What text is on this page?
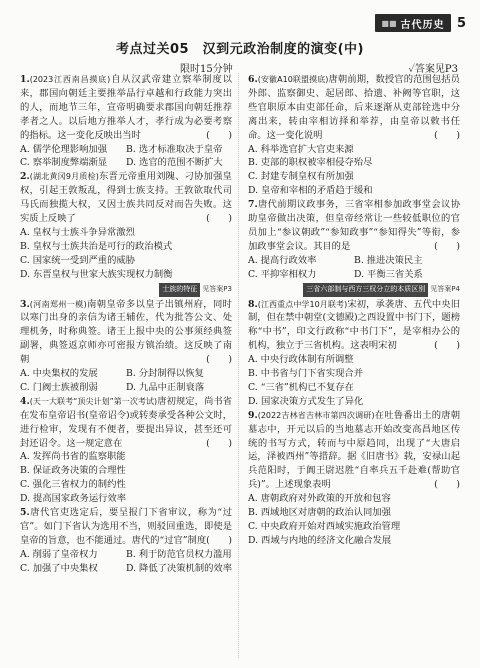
■■ 古代历史 5
考点过关05　汉到元政治制度的演变(中)
限时15分钟	✓答案见P3

1.(2023江西南昌摸底)自从汉武帝建立察举制度以来，郡国向朝廷主要推举品行卓越和行政能力突出的人，而地节三年，宣帝明确要求郡国向朝廷推荐孝者之人。以后地方推举人才，孝行成为必要考察的指标。这一变化反映出当时	(　　)

A. 儒学伦理影响加强	B. 选才标准取决于皇帝
C. 察举制度弊端渐显	D. 选官的范围不断扩大

2.(湖北黄冈9月质检)东晋元帝重用刘隗、刁协加强皇权，引起王敦叛乱，得到士族支持。王敦欲取代司马氏而独揽大权，又因士族共同反对而告失败。这实质上反映了	(　　)

A. 皇权与士族斗争异常激烈
B. 皇权与士族共治是可行的政治模式
C. 国家统一受到严重的威胁
D. 东晋皇权与世家大族实现权力制衡
士族的特征 见答案P3

3.(河南郑州一模)南朝皇帝多以皇子出镇州府，同时以寒门出身的亲信为诸王辅佐，代为批答公文、处理机务，时称典签。诸王上报中央的公事须经典签副署，典签返京师亦可密报方镇治绩。这反映了南朝	(　　)

A. 中央集权的发展	B. 分封制得以恢复
C. 门阀士族被削弱	D. 九品中正制衰落

4.(天一大联考“顶尖计划”第一次考试)唐初规定，尚书省在发布皇帝诏书(皇帝诏令)或转奏承受各种公文时，进行检审，发现有不便者，要提出异议，甚至还可封还诏令。这一规定意在	(　　)

A. 发挥尚书省的监察职能
B. 保证政务决策的合理性
C. 强化三省权力的制约性
D. 提高国家政务运行效率

5.唐代官吏选定后，要呈报门下省审议，称为“过官”。如门下省认为选用不当，则驳回重选，即使是皇帝的旨意，也不能通过。唐代的“过官”制度 (　　)

A. 削弱了皇帝权力	B. 利于防范官员权力滥用
C. 加强了中央集权	D. 降低了决策机制的效率

6.(安徽A10联盟摸底)唐朝前期，数授官的范围包括员外郎、监察御史、起居郎、拾遗、补阙等官职，这些官职原本由吏部任命，后来逐渐从吏部铨选中分离出来，转由宰相访择和举荐，由皇帝以敕书任命。这一变化说明	(　　)

A. 科举选官扩大官吏来源
B. 吏部的职权被宰相侵夺殆尽
C. 封建专制皇权有所加强
D. 皇帝和宰相的矛盾趋于缓和

7.唐代前期议政事务，三省宰相参加政事堂会议协助皇帝做出决策，但皇帝经常让一些较低职位的官员加上“参议朝政”“参知政事”“参知得失”等衔，参加政事堂会议。其目的是	(　　)

A. 提高行政效率	B. 推进决策民主
C. 平抑宰相权力	D. 平衡三省关系
三省六部制与西方三权分立的本质区别 见答案P4

8.(江西重点中学10月联考)宋初，承袭唐、五代中央旧制，但在禁中朝堂(文德殿)之西设置中书门下，题榜称“中书”，印文行政称“中书门下”，是宰相办公的机构，独立于三省机构。这表明宋初	(　　)

A. 中央行政体制有所调整
B. 中书省与门下省实现合并
C. “三省”机构已不复存在
D. 国家决策方式发生了异化

9.(2022吉林省吉林市第四次调研)在吐鲁番出土的唐朝墓志中，开元以后的当地墓志开始改变高昌地区传统的书写方式，转而与中原趋同，出现了“大唐启运，泽被西州”等措辞。据《旧唐书》载，安禄山起兵范阳时，于阗王尉迟胜“自率兵五千赴难(帮助官兵)”。上述现象表明	(　　)

A. 唐朝政府对外政策的开放和包容
B. 西域地区对唐朝的政治认同加强
C. 中央政府开始对西域实施政治管理
D. 西域与内地的经济文化融合发展
